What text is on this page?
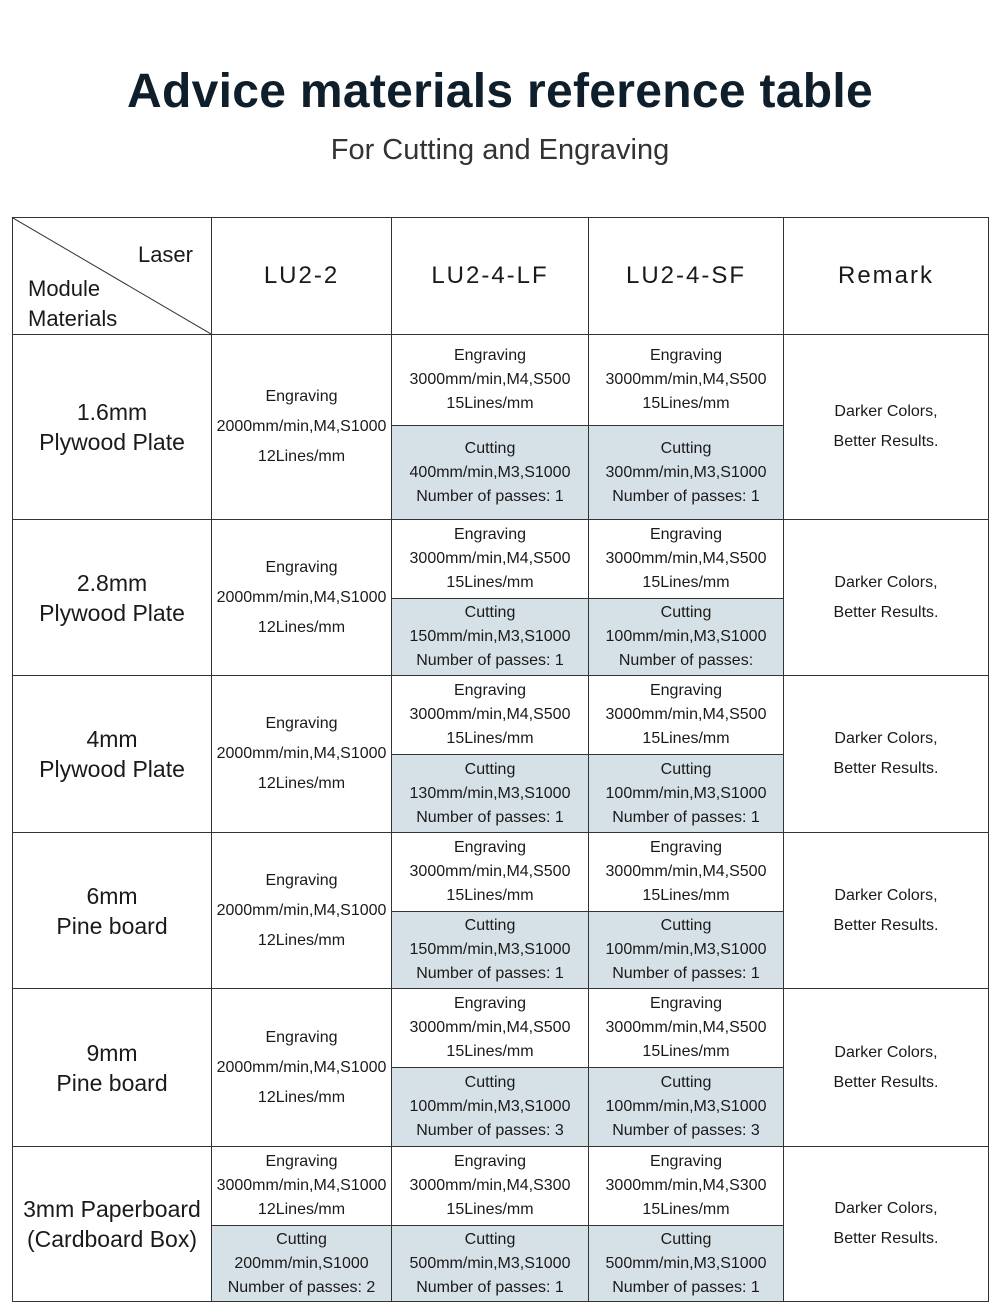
Advice materials reference table
For Cutting and Engraving
Laser
Module
Materials	LU2-2	LU2-4-LF	LU2-4-SF	Remark
1.6mm
Plywood Plate	Engraving
2000mm/min,M4,S1000
12Lines/mm	Engraving
3000mm/min,M4,S500
15Lines/mm	Engraving
3000mm/min,M4,S500
15Lines/mm	Darker Colors,
Better Results.
		Cutting
400mm/min,M3,S1000
Number of passes: 1	Cutting
300mm/min,M3,S1000
Number of passes: 1	
2.8mm
Plywood Plate	Engraving
2000mm/min,M4,S1000
12Lines/mm	Engraving
3000mm/min,M4,S500
15Lines/mm	Engraving
3000mm/min,M4,S500
15Lines/mm	Darker Colors,
Better Results.
		Cutting
150mm/min,M3,S1000
Number of passes: 1	Cutting
100mm/min,M3,S1000
Number of passes:	
4mm
Plywood Plate	Engraving
2000mm/min,M4,S1000
12Lines/mm	Engraving
3000mm/min,M4,S500
15Lines/mm	Engraving
3000mm/min,M4,S500
15Lines/mm	Darker Colors,
Better Results.
		Cutting
130mm/min,M3,S1000
Number of passes: 1	Cutting
100mm/min,M3,S1000
Number of passes: 1	
6mm
Pine board	Engraving
2000mm/min,M4,S1000
12Lines/mm	Engraving
3000mm/min,M4,S500
15Lines/mm	Engraving
3000mm/min,M4,S500
15Lines/mm	Darker Colors,
Better Results.
		Cutting
150mm/min,M3,S1000
Number of passes: 1	Cutting
100mm/min,M3,S1000
Number of passes: 1	
9mm
Pine board	Engraving
2000mm/min,M4,S1000
12Lines/mm	Engraving
3000mm/min,M4,S500
15Lines/mm	Engraving
3000mm/min,M4,S500
15Lines/mm	Darker Colors,
Better Results.
		Cutting
100mm/min,M3,S1000
Number of passes: 3	Cutting
100mm/min,M3,S1000
Number of passes: 3	
3mm Paperboard
(Cardboard Box)	Engraving
3000mm/min,M4,S1000
12Lines/mm	Engraving
3000mm/min,M4,S300
15Lines/mm	Engraving
3000mm/min,M4,S300
15Lines/mm	Darker Colors,
Better Results.
	Cutting
200mm/min,S1000
Number of passes: 2	Cutting
500mm/min,M3,S1000
Number of passes: 1	Cutting
500mm/min,M3,S1000
Number of passes: 1	
